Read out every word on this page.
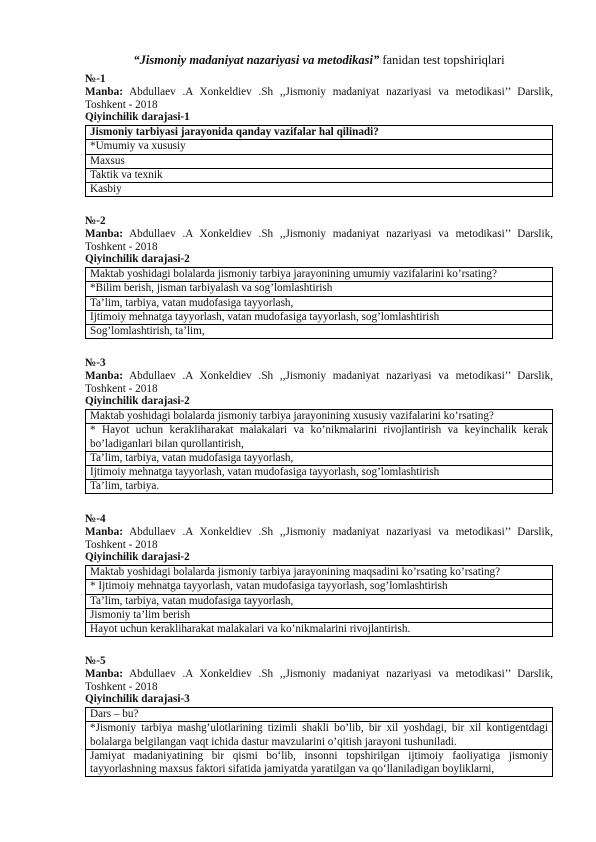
“Jismoniy madaniyat nazariyasi va metodikasi” fanidan test topshiriqlari
№-1
Manba: Abdullaev .A Xonkeldiev .Sh ,,Jismoniy madaniyat nazariyasi va metodikasi’’ Darslik, Toshkent - 2018
Qiyinchilik darajasi-1
Jismoniy tarbiyasi jarayonida qanday vazifalar hal qilinadi?
*Umumiy va xususiy
Maxsus
Taktik va texnik
Kasbiy
№-2
Manba: Abdullaev .A Xonkeldiev .Sh ,,Jismoniy madaniyat nazariyasi va metodikasi’’ Darslik, Toshkent - 2018
Qiyinchilik darajasi-2
Maktab yoshidagi bolalarda jismoniy tarbiya jarayonining umumiy vazifalarini ko’rsating?
*Bilim berish, jisman tarbiyalash va sog’lomlashtirish
Ta’lim, tarbiya, vatan mudofasiga tayyorlash,
Ijtimoiy mehnatga tayyorlash, vatan mudofasiga tayyorlash, sog’lomlashtirish
Sog’lomlashtirish, ta’lim,
№-3
Manba: Abdullaev .A Xonkeldiev .Sh ,,Jismoniy madaniyat nazariyasi va metodikasi’’ Darslik, Toshkent - 2018
Qiyinchilik darajasi-2
Maktab yoshidagi bolalarda jismoniy tarbiya jarayonining xususiy vazifalarini ko’rsating?
* Hayot uchun kerakliharakat malakalari va ko’nikmalarini rivojlantirish va keyinchalik kerak bo’ladiganlari bilan qurollantirish,
Ta’lim, tarbiya, vatan mudofasiga tayyorlash,
Ijtimoiy mehnatga tayyorlash, vatan mudofasiga tayyorlash, sog’lomlashtirish
Ta’lim, tarbiya.
№-4
Manba: Abdullaev .A Xonkeldiev .Sh ,,Jismoniy madaniyat nazariyasi va metodikasi’’ Darslik, Toshkent - 2018
Qiyinchilik darajasi-2
Maktab yoshidagi bolalarda jismoniy tarbiya jarayonining maqsadini ko’rsating ko’rsating?
* Ijtimoiy mehnatga tayyorlash, vatan mudofasiga tayyorlash, sog’lomlashtirish
Ta’lim, tarbiya, vatan mudofasiga tayyorlash,
Jismoniy ta’lim berish
Hayot uchun kerakliharakat malakalari va ko’nikmalarini rivojlantirish.
№-5
Manba: Abdullaev .A Xonkeldiev .Sh ,,Jismoniy madaniyat nazariyasi va metodikasi’’ Darslik, Toshkent - 2018
Qiyinchilik darajasi-3
Dars – bu?
*Jismoniy tarbiya mashg’ulotlarining tizimli shakli bo’lib, bir xil yoshdagi, bir xil kontigentdagi bolalarga belgilangan vaqt ichida dastur mavzularini o’qitish jarayoni tushuniladi.
Jamiyat madaniyatining bir qismi bo‘lib, insonni topshirilgan ijtimoiy faoliyatiga jismoniy tayyorlashning maxsus faktori sifatida jamiyatda yaratilgan va qo‘llaniladigan boyliklarni,
